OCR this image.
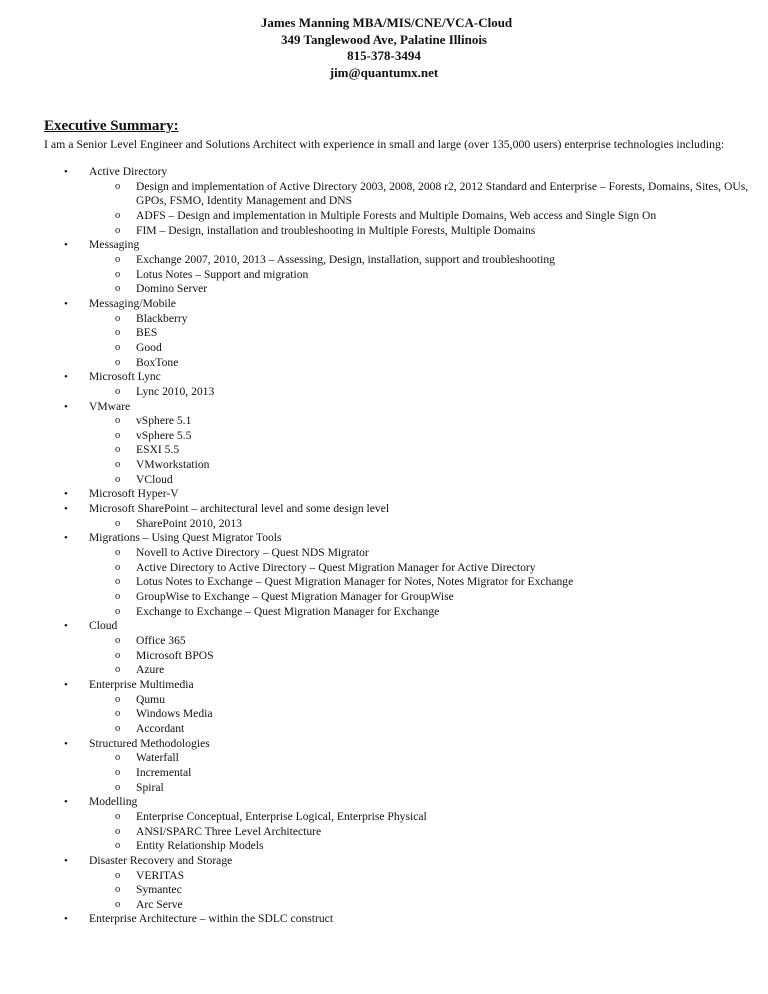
James Manning MBA/MIS/CNE/VCA-Cloud
349 Tanglewood Ave, Palatine Illinois
815-378-3494
jim@quantumx.net
Executive Summary:
I am a Senior Level Engineer and Solutions Architect with experience in small and large (over 135,000 users) enterprise technologies including:
• Active Directory
o Design and implementation of Active Directory 2003, 2008, 2008 r2, 2012 Standard and Enterprise – Forests, Domains, Sites, OUs, GPOs, FSMO, Identity Management and DNS
o ADFS – Design and implementation in Multiple Forests and Multiple Domains, Web access and Single Sign On
o FIM – Design, installation and troubleshooting in Multiple Forests, Multiple Domains
• Messaging
o Exchange 2007, 2010, 2013 – Assessing, Design, installation, support and troubleshooting
o Lotus Notes – Support and migration
o Domino Server
• Messaging/Mobile
o Blackberry
o BES
o Good
o BoxTone
• Microsoft Lync
o Lync 2010, 2013
• VMware
o vSphere 5.1
o vSphere 5.5
o ESXI 5.5
o VMworkstation
o VCloud
• Microsoft Hyper-V
• Microsoft SharePoint – architectural level and some design level
o SharePoint 2010, 2013
• Migrations – Using Quest Migrator Tools
o Novell to Active Directory – Quest NDS Migrator
o Active Directory to Active Directory – Quest Migration Manager for Active Directory
o Lotus Notes to Exchange – Quest Migration Manager for Notes, Notes Migrator for Exchange
o GroupWise to Exchange – Quest Migration Manager for GroupWise
o Exchange to Exchange – Quest Migration Manager for Exchange
• Cloud
o Office 365
o Microsoft BPOS
o Azure
• Enterprise Multimedia
o Qumu
o Windows Media
o Accordant
• Structured Methodologies
o Waterfall
o Incremental
o Spiral
• Modelling
o Enterprise Conceptual, Enterprise Logical, Enterprise Physical
o ANSI/SPARC Three Level Architecture
o Entity Relationship Models
• Disaster Recovery and Storage
o VERITAS
o Symantec
o Arc Serve
• Enterprise Architecture – within the SDLC construct
